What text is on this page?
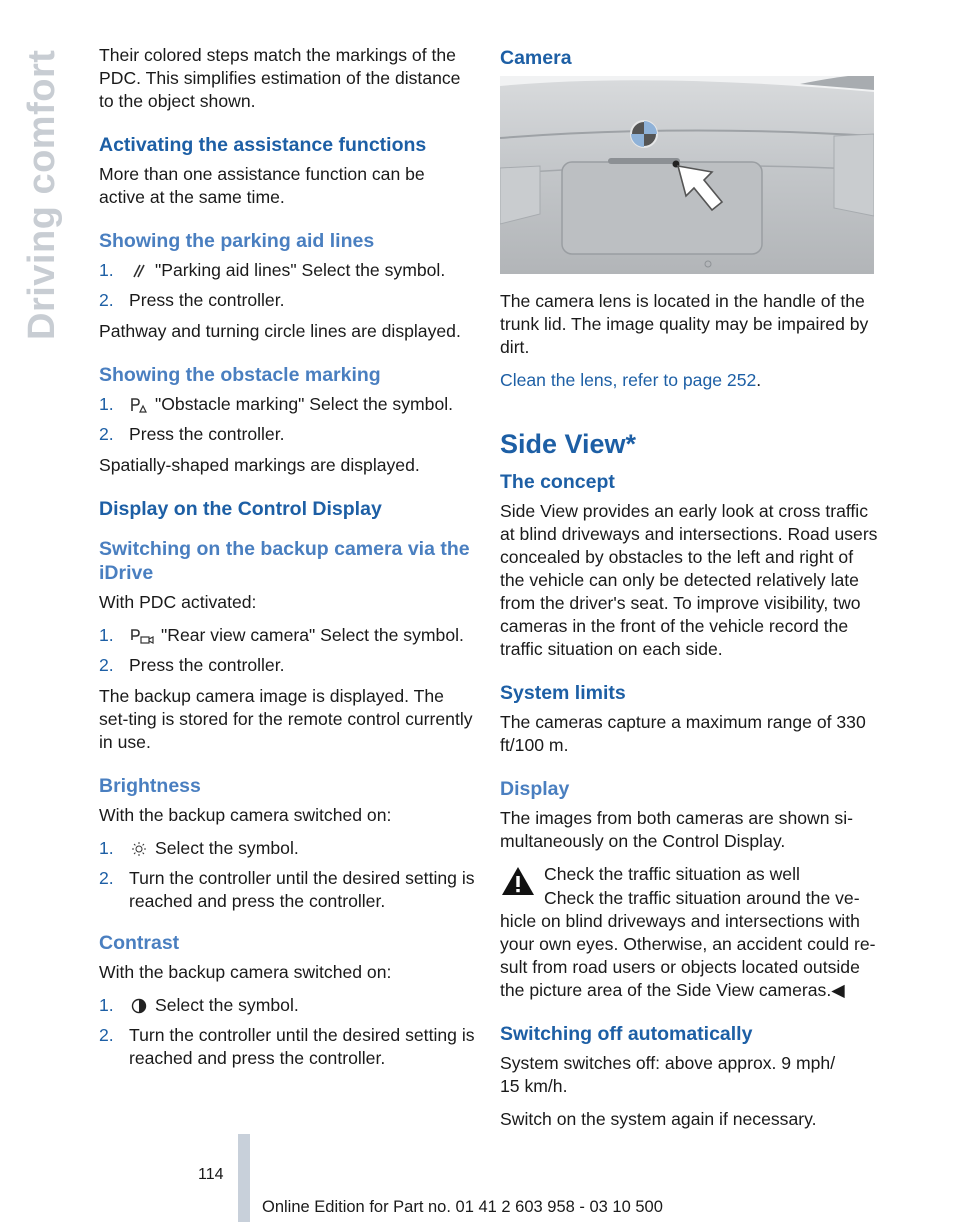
Driving comfort Their colored steps match the markings of the PDC. This simplifies estimation of the distance to the object shown.

Activating the assistance functions

More than one assistance function can be active at the same time.

Showing the parking aid lines
1. "Parking aid lines" Select the symbol.
2. Press the controller.

Pathway and turning circle lines are displayed.

Showing the obstacle marking
1. "Obstacle marking" Select the symbol.
2. Press the controller.

Spatially-shaped markings are displayed.

Display on the Control Display
Switching on the backup camera via the iDrive

With PDC activated:

1.	"Rear view camera" Select the symbol.
2. Press the controller.

The backup camera image is displayed. The set-ting is stored for the remote control currently in use.

Brightness

With the backup camera switched on:

1. Select the symbol.
2. Turn the controller until the desired setting is reached and press the controller.
Contrast

With the backup camera switched on:

1. Select the symbol.
2. Turn the controller until the desired setting is reached and press the controller.
Camera

The camera lens is located in the handle of the trunk lid. The image quality may be impaired by dirt.

Clean the lens, refer to page 252.

Side View*
The concept

Side View provides an early look at cross traffic at blind driveways and intersections. Road users concealed by obstacles to the left and right of the vehicle can only be detected relatively late from the driver's seat. To improve visibility, two cameras in the front of the vehicle record the traffic situation on each side.

System limits

The cameras capture a maximum range of 330 ft/100 m.

Display

The images from both cameras are shown si-multaneously on the Control Display.

Check the traffic situation as well

Check the traffic situation around the ve-hicle on blind driveways and intersections with your own eyes. Otherwise, an accident could re-sult from road users or objects located outside the picture area of the Side View cameras.◀

Switching off automatically

System switches off: above approx. 9 mph/ 15 km/h.

Switch on the system again if necessary.

114
Online Edition for Part no. 01 41 2 603 958 - 03 10 500
